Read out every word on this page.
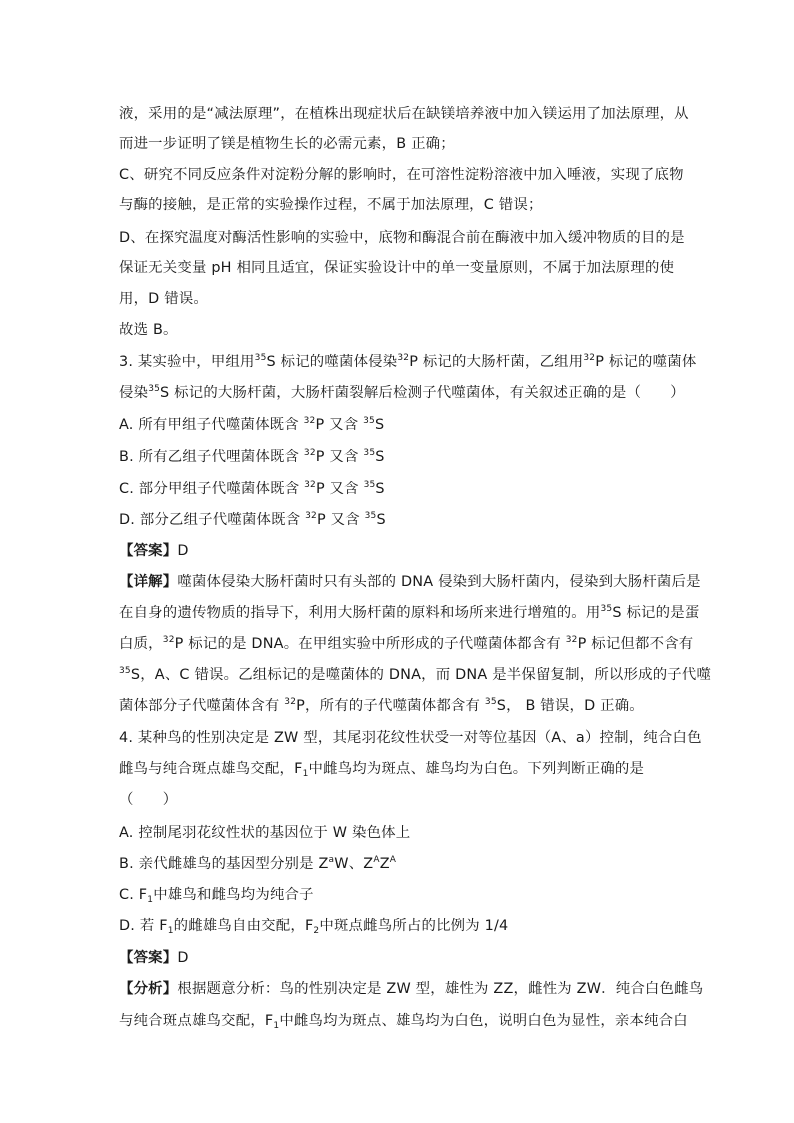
液，采用的是“减法原理”，在植株出现症状后在缺镁培养液中加入镁运用了加法原理，从
而进一步证明了镁是植物生长的必需元素，B 正确；
C、研究不同反应条件对淀粉分解的影响时，在可溶性淀粉溶液中加入唾液，实现了底物
与酶的接触，是正常的实验操作过程，不属于加法原理，C 错误；
D、在探究温度对酶活性影响的实验中，底物和酶混合前在酶液中加入缓冲物质的目的是
保证无关变量 pH 相同且适宜，保证实验设计中的单一变量原则，不属于加法原理的使
用，D 错误。
故选 B。
3. 某实验中，甲组用$^{35}$S 标记的噬菌体侵染$^{32}$P 标记的大肠杆菌，乙组用$^{32}$P 标记的噬菌体
侵染$^{35}$S 标记的大肠杆菌，大肠杆菌裂解后检测子代噬菌体，有关叙述正确的是（　　）
A. 所有甲组子代噬菌体既含 $^{32}$P 又含 $^{35}$S
B. 所有乙组子代哩菌体既含 $^{32}$P 又含 $^{35}$S
C. 部分甲组子代噬菌体既含 $^{32}$P 又含 $^{35}$S
D. 部分乙组子代噬菌体既含 $^{32}$P 又含 $^{35}$S
【答案】D
【详解】噬菌体侵染大肠杆菌时只有头部的 DNA 侵染到大肠杆菌内，侵染到大肠杆菌后是
在自身的遗传物质的指导下，利用大肠杆菌的原料和场所来进行增殖的。用$^{35}$S 标记的是蛋
白质，$^{32}$P 标记的是 DNA。在甲组实验中所形成的子代噬菌体都含有 $^{32}$P 标记但都不含有
$^{35}$S，A、C 错误。乙组标记的是噬菌体的 DNA，而 DNA 是半保留复制，所以形成的子代噬
菌体部分子代噬菌体含有 $^{32}$P，所有的子代噬菌体都含有 $^{35}$S， B 错误，D 正确。
4. 某种鸟的性别决定是 ZW 型，其尾羽花纹性状受一对等位基因（A、a）控制，纯合白色
雌鸟与纯合斑点雄鸟交配，$F_1$中雌鸟均为斑点、雄鸟均为白色。下列判断正确的是
（　　）
A. 控制尾羽花纹性状的基因位于 W 染色体上
B. 亲代雌雄鸟的基因型分别是 $Z^aW$、$Z^AZ^A$
C. $F_1$中雄鸟和雌鸟均为纯合子
D. 若 $F_1$的雌雄鸟自由交配，$F_2$中斑点雌鸟所占的比例为 1/4
【答案】D
【分析】根据题意分析：鸟的性别决定是 ZW 型，雄性为 ZZ，雌性为 ZW．纯合白色雌鸟
与纯合斑点雄鸟交配，$F_1$中雌鸟均为斑点、雄鸟均为白色，说明白色为显性，亲本纯合白
